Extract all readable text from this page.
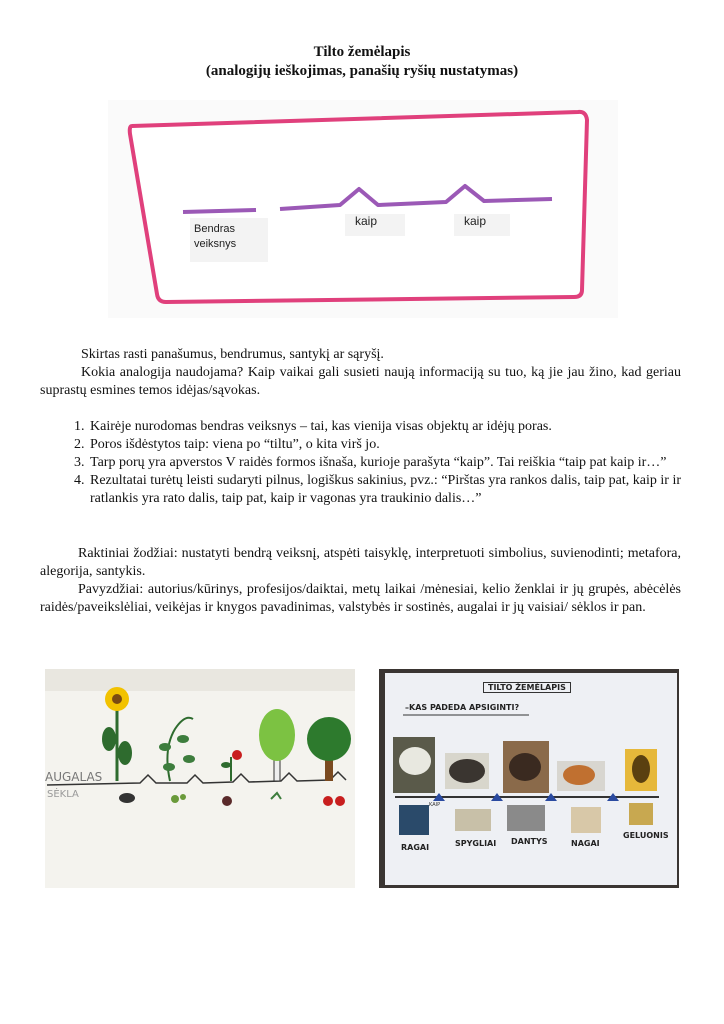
Tilto žemėlapis
(analogijų ieškojimas, panašių ryšių nustatymas)
Bendras veiksnys
kaip	kaip
Skirtas rasti panašumus, bendrumus, santykį ar sąryšį.
Kokia analogija naudojama? Kaip vaikai gali susieti naują informaciją su tuo, ką jie jau žino, kad geriau suprastų esmines temos idėjas/sąvokas.
1. Kairėje nurodomas bendras veiksnys – tai, kas vienija visas objektų ar idėjų poras.
2. Poros išdėstytos taip: viena po “tiltu”, o kita virš jo.
3. Tarp porų yra apverstos V raidės formos išnaša, kurioje parašyta “kaip”. Tai reiškia “taip pat kaip ir…”
4. Rezultatai turėtų leisti sudaryti pilnus, logiškus sakinius, pvz.: “Pirštas yra rankos dalis, taip pat, kaip ir ir ratlankis yra rato dalis, taip pat, kaip ir vagonas yra traukinio dalis…”
Raktiniai žodžiai: nustatyti bendrą veiksnį, atspėti taisyklę, interpretuoti simbolius, suvienodinti; metafora, alegorija, santykis.
Pavyzdžiai: autorius/kūrinys, profesijos/daiktai, metų laikai /mėnesiai, kelio ženklai ir jų grupės, abėcėlės raidės/paveikslėliai, veikėjas ir knygos pavadinimas, valstybės ir sostinės, augalai ir jų vaisiai/ sėklos ir pan.
AUGALAS
SĖKLA
TILTO ŽEMĖLAPIS
–KAS PADEDA APSIGINTI?
KAIP
RAGAI	SPYGLIAI DANTYS	NAGAI
GELUONIS
